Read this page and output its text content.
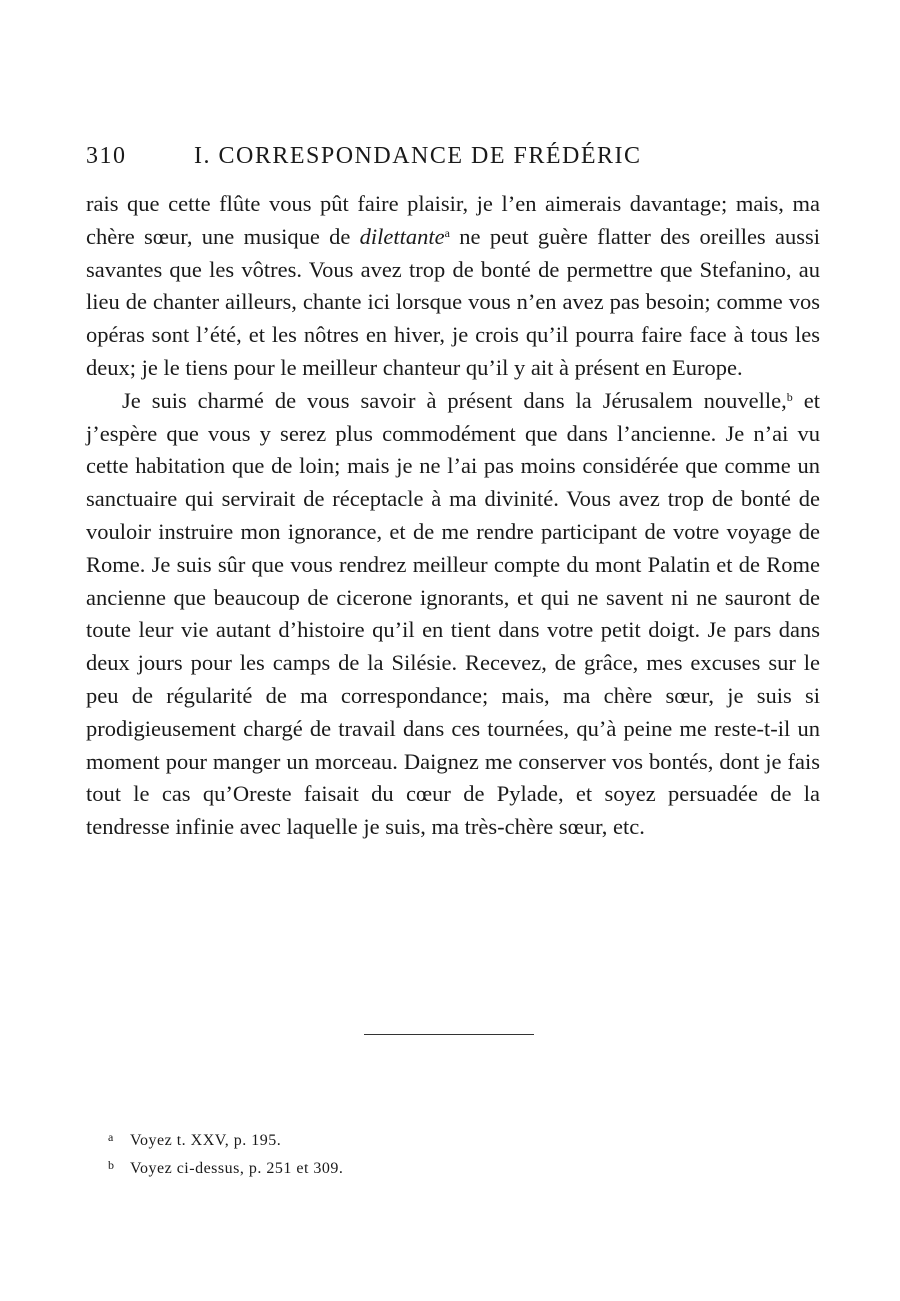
310	I. CORRESPONDANCE DE FRÉDÉRIC

rais que cette flûte vous pût faire plaisir, je l’en aimerais davantage; mais, ma chère sœur, une musique de dilettante$^a$ ne peut guère flatter des oreilles aussi savantes que les vôtres. Vous avez trop de bonté de permettre que Stefanino, au lieu de chanter ailleurs, chante ici lorsque vous n’en avez pas besoin; comme vos opéras sont l’été, et les nôtres en hiver, je crois qu’il pourra faire face à tous les deux; je le tiens pour le meilleur chanteur qu’il y ait à présent en Europe.

Je suis charmé de vous savoir à présent dans la Jérusalem nouvelle,$^b$ et j’espère que vous y serez plus commodément que dans l’ancienne. Je n’ai vu cette habitation que de loin; mais je ne l’ai pas moins considérée que comme un sanctuaire qui servirait de réceptacle à ma divinité. Vous avez trop de bonté de vouloir instruire mon ignorance, et de me rendre participant de votre voyage de Rome. Je suis sûr que vous rendrez meilleur compte du mont Palatin et de Rome ancienne que beaucoup de cicerone ignorants, et qui ne savent ni ne sauront de toute leur vie autant d’histoire qu’il en tient dans votre petit doigt. Je pars dans deux jours pour les camps de la Silésie. Recevez, de grâce, mes excuses sur le peu de régularité de ma correspondance; mais, ma chère sœur, je suis si prodigieusement chargé de travail dans ces tournées, qu’à peine me reste-t-il un moment pour manger un morceau. Daignez me conserver vos bontés, dont je fais tout le cas qu’Oreste faisait du cœur de Pylade, et soyez persuadée de la tendresse infinie avec laquelle je suis, ma très-chère sœur, etc.

a Voyez t. XXV, p. 195.
b Voyez ci-dessus, p. 251 et 309.
